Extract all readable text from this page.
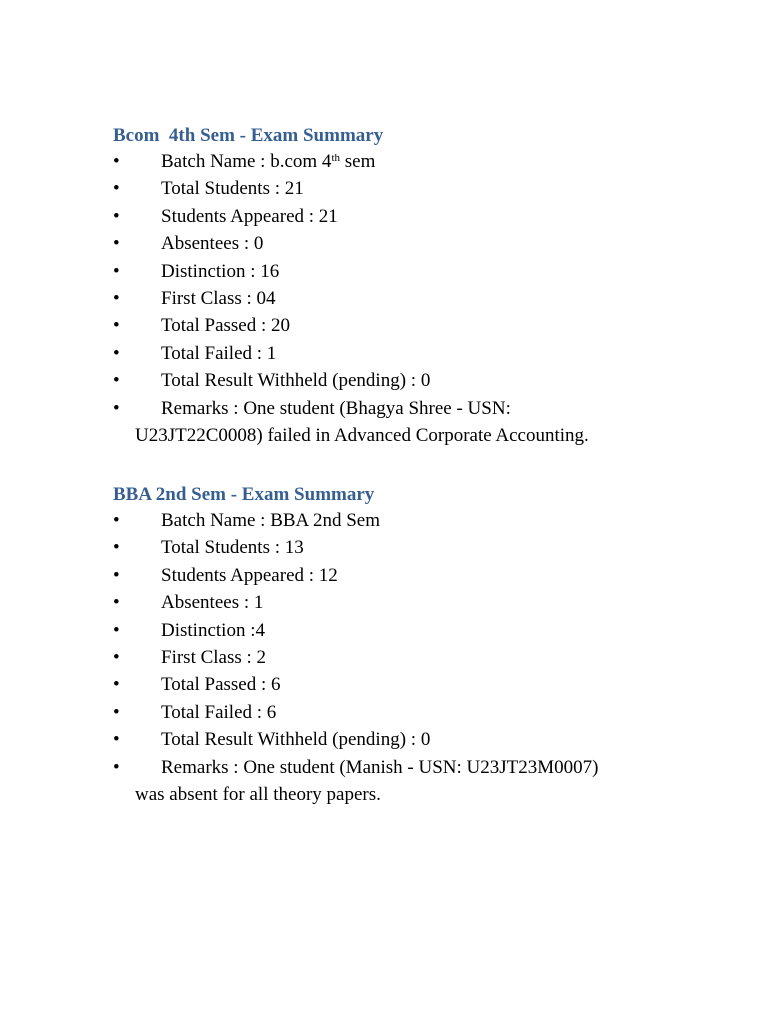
Bcom  4th Sem - Exam Summary
• Batch Name : b.com 4th sem
• Total Students : 21
• Students Appeared : 21
• Absentees : 0
• Distinction : 16
• First Class : 04
• Total Passed : 20
• Total Failed : 1
• Total Result Withheld (pending) : 0
• Remarks : One student (Bhagya Shree - USN:
U23JT22C0008) failed in Advanced Corporate Accounting.
BBA 2nd Sem - Exam Summary
• Batch Name : BBA 2nd Sem
• Total Students : 13
• Students Appeared : 12
• Absentees : 1
• Distinction :4
• First Class : 2
• Total Passed : 6
• Total Failed : 6
• Total Result Withheld (pending) : 0
• Remarks : One student (Manish - USN: U23JT23M0007)
was absent for all theory papers.
